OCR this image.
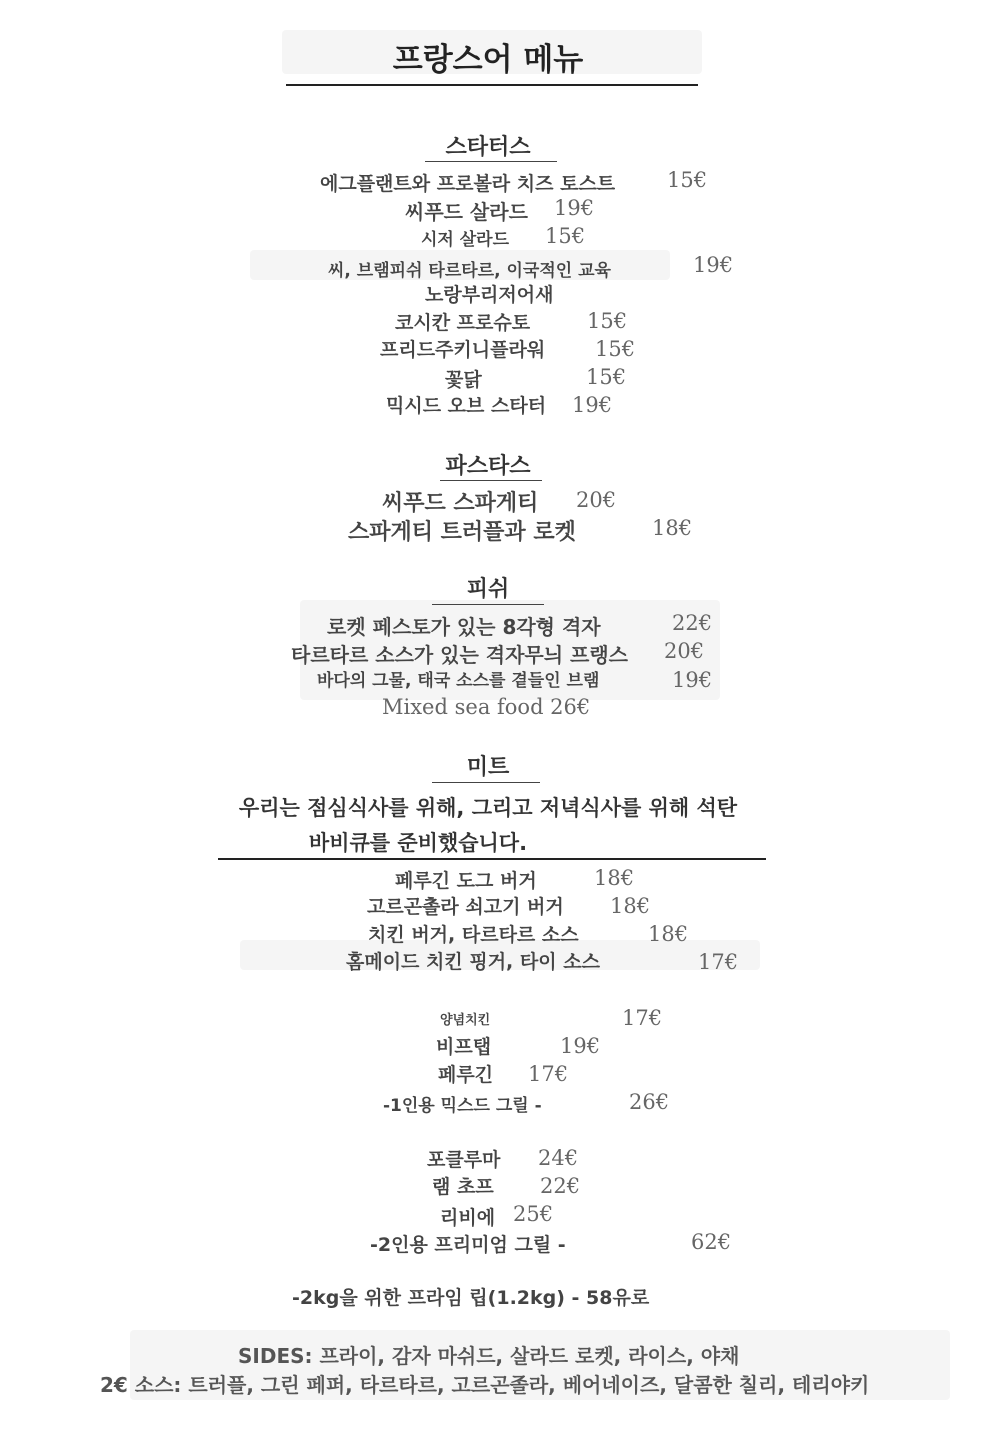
프랑스어 메뉴
스타터스
에그플랜트와 프로볼라 치즈 토스트 15€
씨푸드 살라드 19€
시저 살라드 15€
씨, 브램피쉬 타르타르, 이국적인 교육	19€
노랑부리저어새
코시칸 프로슈토	15€
프리드주키니플라워 15€
꽃닭	15€
믹시드 오브 스타터 19€
파스타스
씨푸드 스파게티 20€
스파게티 트러플과 로켓	18€
피쉬
로켓 페스토가 있는 8각형 격자	22€
타르타르 소스가 있는 격자무늬 프랭스 20€
바다의 그물, 태국 소스를 곁들인 브램	19€
Mixed sea food 26€
미트
우리는 점심식사를 위해, 그리고 저녁식사를 위해 석탄
바비큐를 준비했습니다.
페루긴 도그 버거	18€
고르곤촐라 쇠고기 버거 18€
치킨 버거, 타르타르 소스	18€
홈메이드 치킨 핑거, 타이 소스	17€
양념치킨	17€
비프탭	19€
페루긴 17€
-1인용 믹스드 그릴 -	26€
포클루마 24€
램 초프 22€
리비에 25€
-2인용 프리미엄 그릴 -	62€
-2kg을 위한 프라임 립(1.2kg) - 58유로
SIDES: 프라이, 감자 마쉬드, 살라드 로켓, 라이스, 야채
2€ 소스: 트러플, 그린 페퍼, 타르타르, 고르곤졸라, 베어네이즈, 달콤한 칠리, 테리야키
